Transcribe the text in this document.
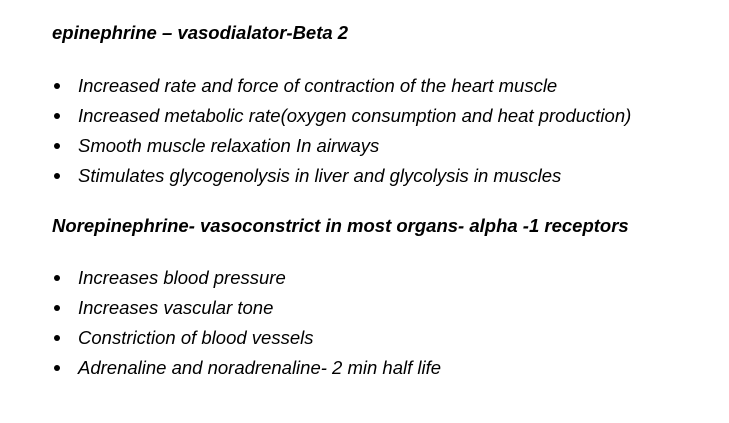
epinephrine – vasodialator-Beta 2
Increased rate and force of contraction of the heart muscle
Increased metabolic rate(oxygen consumption and heat production)
Smooth muscle relaxation In airways
Stimulates glycogenolysis in liver and glycolysis in muscles
Norepinephrine- vasoconstrict in most organs- alpha -1 receptors
Increases blood pressure
Increases vascular tone
Constriction of blood vessels
Adrenaline and noradrenaline- 2 min half life
